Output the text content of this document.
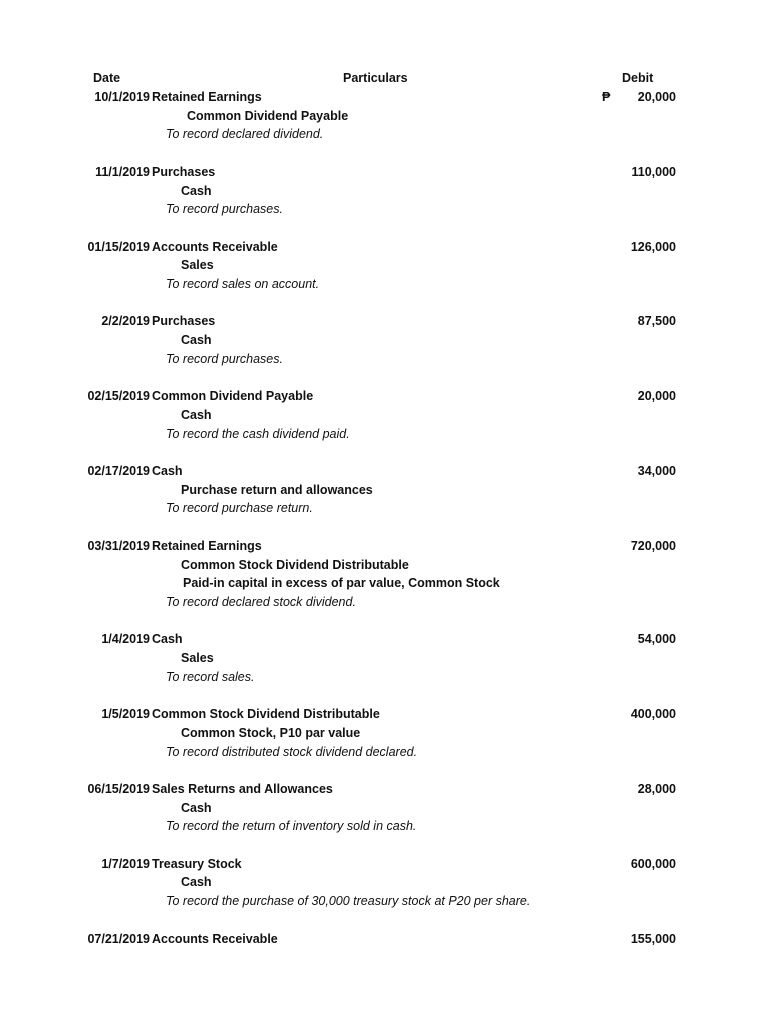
Date	Particulars	Debit
10/1/2019 Retained Earnings	₱	20,000
Common Dividend Payable
To record declared dividend.
11/1/2019 Purchases	110,000
Cash
To record purchases.
01/15/2019 Accounts Receivable	126,000
Sales
To record sales on account.
2/2/2019 Purchases	87,500
Cash
To record purchases.
02/15/2019 Common Dividend Payable	20,000
Cash
To record the cash dividend paid.
02/17/2019 Cash	34,000
Purchase return and allowances
To record purchase return.
03/31/2019 Retained Earnings	720,000
Common Stock Dividend Distributable
Paid-in capital in excess of par value, Common Stock
To record declared stock dividend.
1/4/2019 Cash	54,000
Sales
To record sales.
1/5/2019 Common Stock Dividend Distributable	400,000
Common Stock, P10 par value
To record distributed stock dividend declared.
06/15/2019 Sales Returns and Allowances	28,000
Cash
To record the return of inventory sold in cash.
1/7/2019 Treasury Stock	600,000
Cash
To record the purchase of 30,000 treasury stock at P20 per share.
07/21/2019 Accounts Receivable	155,000
